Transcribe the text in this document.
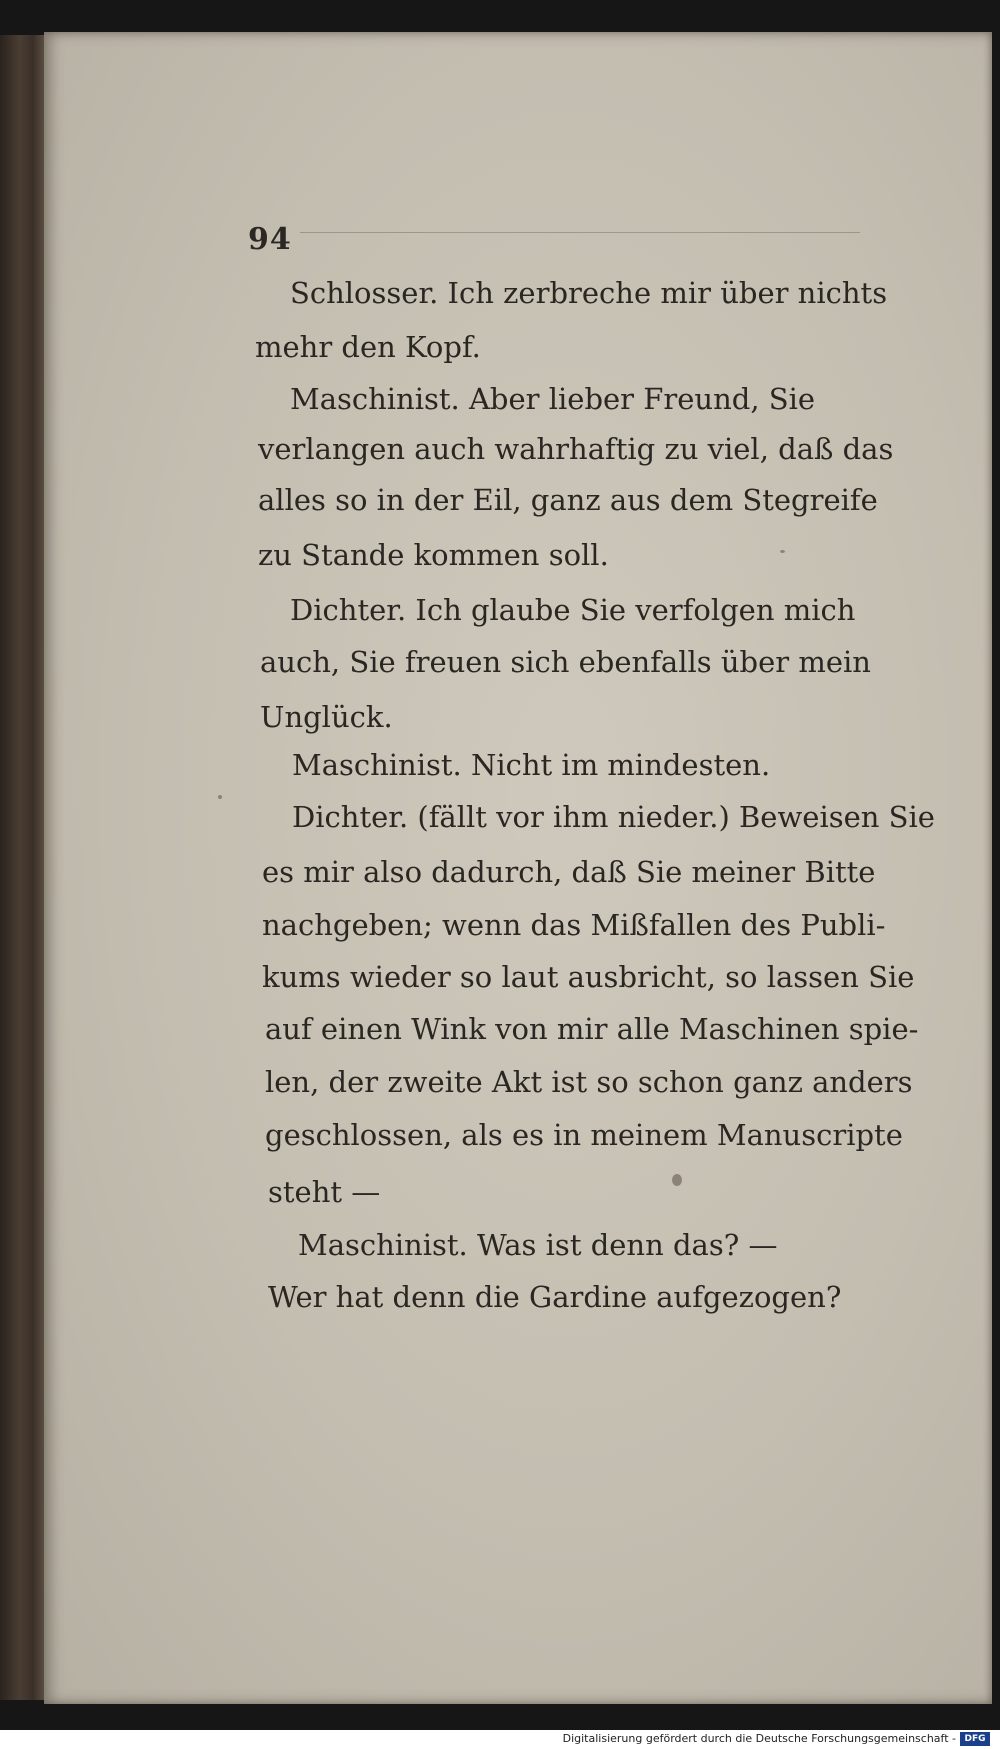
94
Schlosser. Ich zerbreche mir über nichts
mehr den Kopf.
Maschinist. Aber lieber Freund, Sie
verlangen auch wahrhaftig zu viel, daß das
alles so in der Eil, ganz aus dem Stegreife
zu Stande kommen soll.
Dichter. Ich glaube Sie verfolgen mich
auch, Sie freuen sich ebenfalls über mein
Unglück.
Maschinist. Nicht im mindesten.
Dichter. (fällt vor ihm nieder.) Beweisen Sie
es mir also dadurch, daß Sie meiner Bitte
nachgeben; wenn das Mißfallen des Publi-
kums wieder so laut ausbricht, so lassen Sie
auf einen Wink von mir alle Maschinen spie-
len, der zweite Akt ist so schon ganz anders
geschlossen, als es in meinem Manuscripte
steht —
Maschinist. Was ist denn das? —
Wer hat denn die Gardine aufgezogen?
Digitalisierung gefördert durch die Deutsche Forschungsgemeinschaft - DFG
